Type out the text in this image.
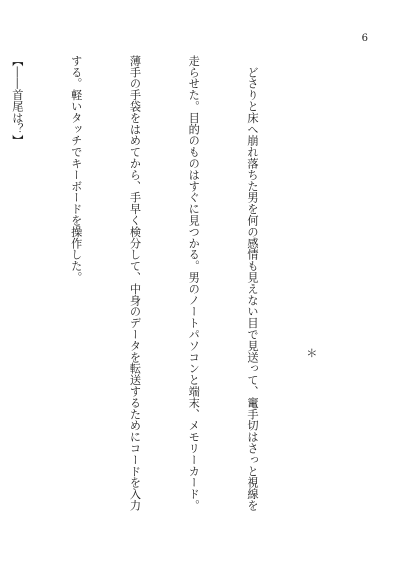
6

　　　　　　　　　　　＊

　どさりと床へ崩れ落ちた男を何の感情も見えない目で見送って、竃手切はさっと視線を

走らせた。目的のものはすぐに見つかる。男のノートパソコンと端末、メモリーカード。

薄手の手袋をはめてから、手早く検分して、中身のデータを転送するためにコードを入力

する。軽いタッチでキーボードを操作した。

【――首尾は？】
